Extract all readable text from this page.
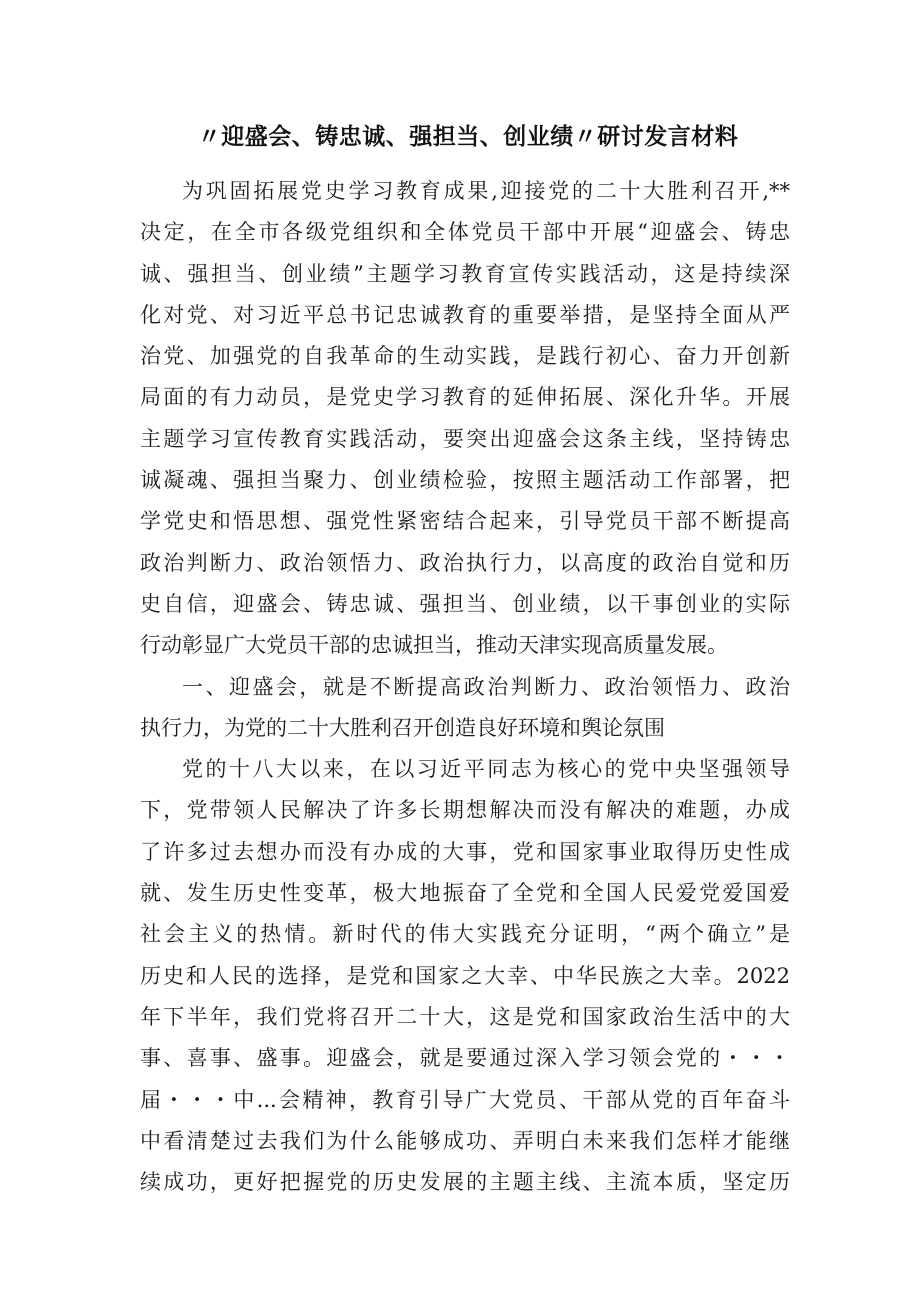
〃迎盛会、铸忠诚、强担当、创业绩〃研讨发言材料
为巩固拓展党史学习教育成果,迎接党的二十大胜利召开,**
决定，在全市各级党组织和全体党员干部中开展“迎盛会、铸忠
诚、强担当、创业绩”主题学习教育宣传实践活动，这是持续深
化对党、对习近平总书记忠诚教育的重要举措，是坚持全面从严
治党、加强党的自我革命的生动实践，是践行初心、奋力开创新
局面的有力动员，是党史学习教育的延伸拓展、深化升华。开展
主题学习宣传教育实践活动，要突出迎盛会这条主线，坚持铸忠
诚凝魂、强担当聚力、创业绩检验，按照主题活动工作部署，把
学党史和悟思想、强党性紧密结合起来，引导党员干部不断提高
政治判断力、政治领悟力、政治执行力，以高度的政治自觉和历
史自信，迎盛会、铸忠诚、强担当、创业绩，以干事创业的实际
行动彰显广大党员干部的忠诚担当，推动天津实现高质量发展。
一、迎盛会，就是不断提高政治判断力、政治领悟力、政治
执行力，为党的二十大胜利召开创造良好环境和舆论氛围
党的十八大以来，在以习近平同志为核心的党中央坚强领导
下，党带领人民解决了许多长期想解决而没有解决的难题，办成
了许多过去想办而没有办成的大事，党和国家事业取得历史性成
就、发生历史性变革，极大地振奋了全党和全国人民爱党爱国爱
社会主义的热情。新时代的伟大实践充分证明，“两个确立”是
历史和人民的选择，是党和国家之大幸、中华民族之大幸。2022
年下半年，我们党将召开二十大，这是党和国家政治生活中的大
事、喜事、盛事。迎盛会，就是要通过深入学习领会党的・・・
届・・・中...会精神，教育引导广大党员、干部从党的百年奋斗
中看清楚过去我们为什么能够成功、弄明白未来我们怎样才能继
续成功，更好把握党的历史发展的主题主线、主流本质，坚定历
